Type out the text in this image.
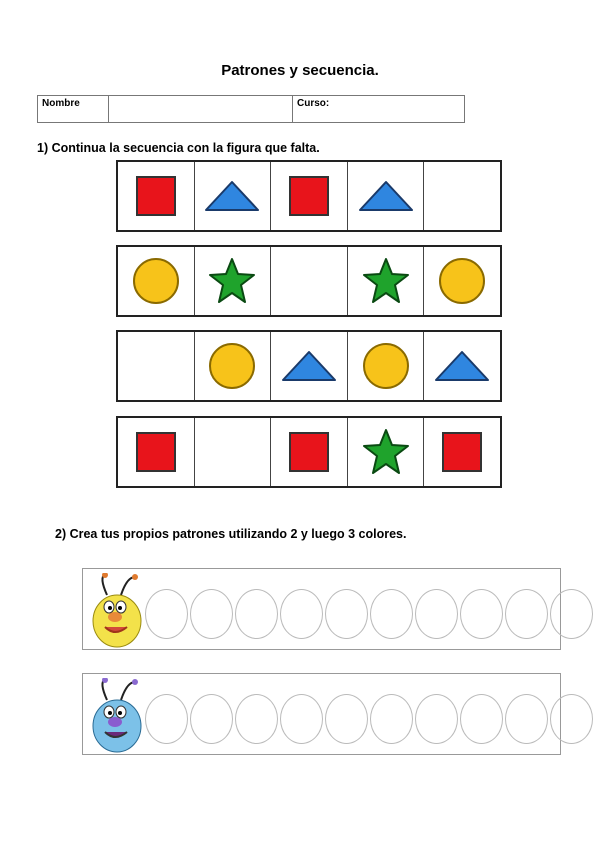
Patrones y secuencia.
Nombre		Curso:
1) Continua la secuencia con la figura que falta.
2) Crea tus propios patrones utilizando 2 y luego 3 colores.
